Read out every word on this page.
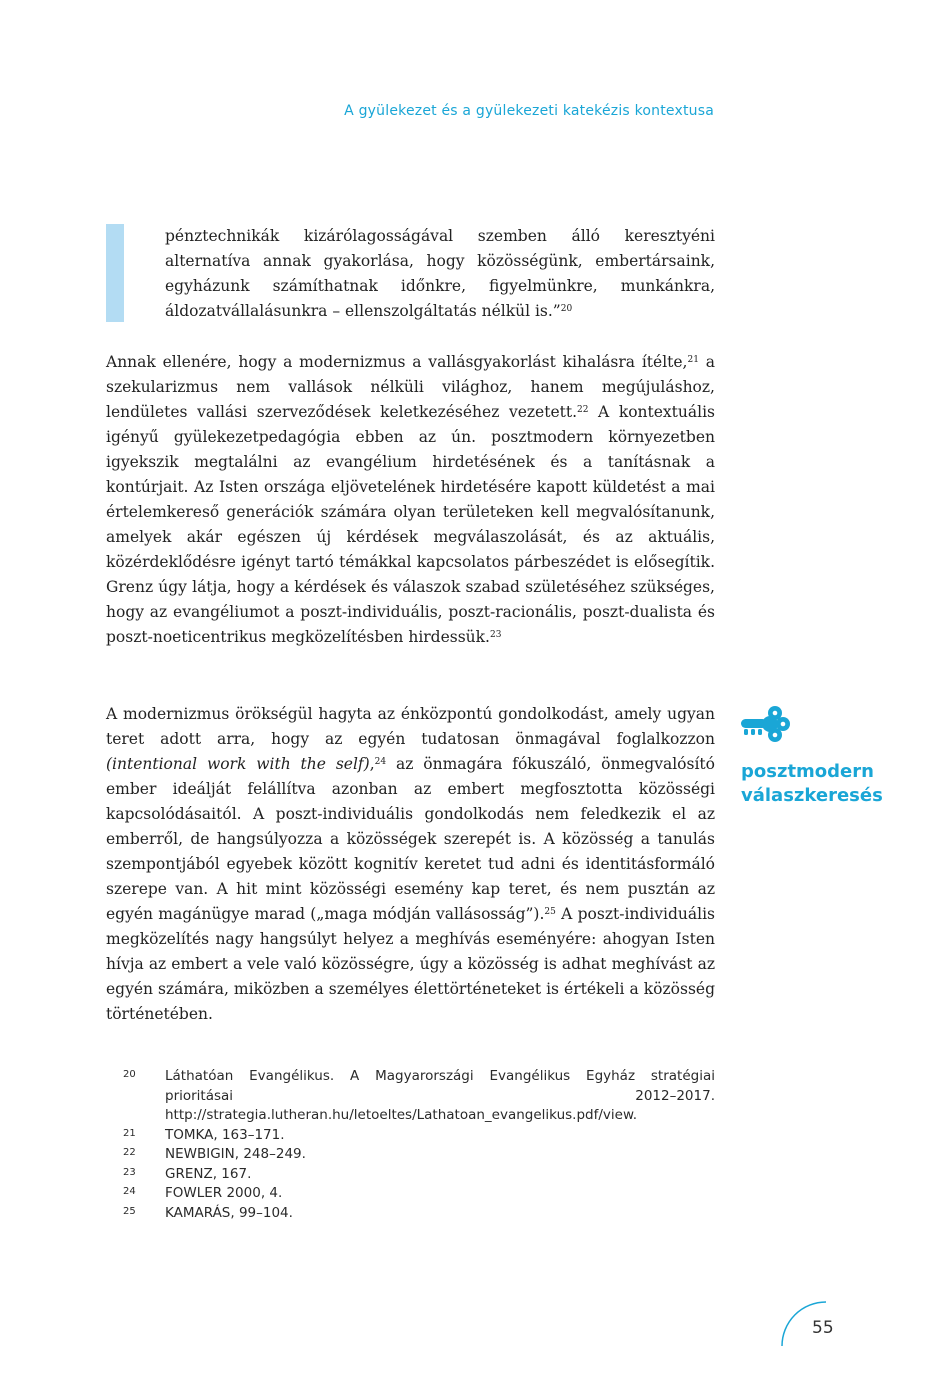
A gyülekezet és a gyülekezeti katekézis kontextusa
pénztechnikák kizárólagosságával szemben álló keresztyéni alternatíva annak gyakorlása, hogy közösségünk, embertársaink, egyházunk számíthatnak időnkre, figyelmünkre, munkánkra, áldozatvállalásunkra – ellenszolgáltatás nélkül is.”$^{20}$

Annak ellenére, hogy a modernizmus a vallásgyakorlást kihalásra ítélte,$^{21}$ a szekularizmus nem vallások nélküli világhoz, hanem megújuláshoz, lendületes vallási szerveződések keletkezéséhez vezetett.$^{22}$ A kontextuális igényű gyülekezetpedagógia ebben az ún. posztmodern környezetben igyekszik megtalálni az evangélium hirdetésének és a tanításnak a kontúrjait. Az Isten országa eljövetelének hirdetésére kapott küldetést a mai értelemkereső generációk számára olyan területeken kell megvalósítanunk, amelyek akár egészen új kérdések megválaszolását, és az aktuális, közérdeklődésre igényt tartó témákkal kapcsolatos párbeszédet is elősegítik. Grenz úgy látja, hogy a kérdések és válaszok szabad születéséhez szükséges, hogy az evangéliumot a poszt-individuális, poszt-racionális, poszt-dualista és poszt-noeticentrikus megközelítésben hirdessük.$^{23}$

A modernizmus örökségül hagyta az énközpontú gondolkodást, amely ugyan teret adott arra, hogy az egyén tudatosan önmagával foglalkozzon (intentional work with the self),$^{24}$ az önmagára fókuszáló, önmegvalósító ember ideálját felállítva azonban az embert megfosztotta közösségi kapcsolódásaitól. A poszt-individuális gondolkodás nem feledkezik el az emberről, de hangsúlyozza a közösségek szerepét is. A közösség a tanulás szempontjából egyebek között kognitív keretet tud adni és identitásformáló szerepe van. A hit mint közösségi esemény kap teret, és nem pusztán az egyén magánügye marad („maga módján vallásosság”).$^{25}$ A poszt-individuális megközelítés nagy hangsúlyt helyez a meghívás eseményére: ahogyan Isten hívja az embert a vele való közösségre, úgy a közösség is adhat meghívást az egyén számára, miközben a személyes élettörténeteket is értékeli a közösség történetében.

posztmodern
válaszkeresés
20	Láthatóan Evangélikus. A Magyarországi Evangélikus Egyház stratégiai prioritásai 2012–2017. http://strategia.lutheran.hu/letoeltes/Lathatoan_evangelikus.pdf/view.
21	TOMKA, 163–171.
22	NEWBIGIN, 248–249.
23	GRENZ, 167.
24	FOWLER 2000, 4.
25	KAMARÁS, 99–104.
55
